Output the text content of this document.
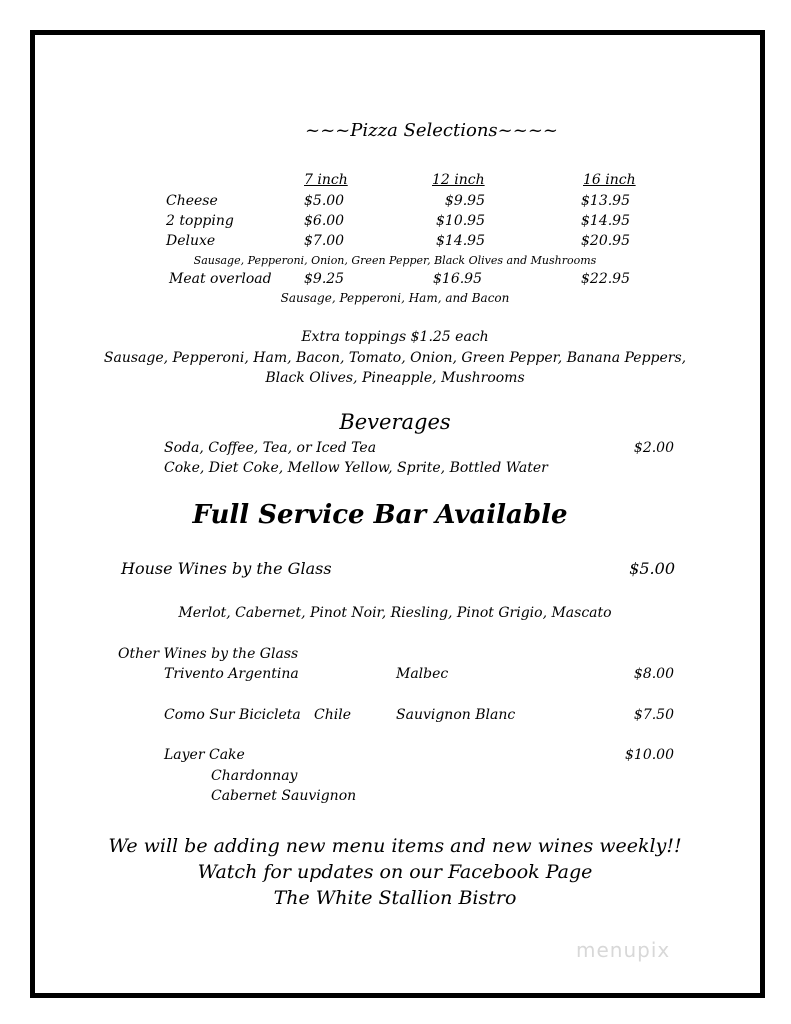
~~~Pizza Selections~~~~
7 inch	12 inch	16 inch
Cheese	$5.00	$9.95	$13.95
2 topping	$6.00	$10.95	$14.95
Deluxe	$7.00	$14.95	$20.95
Sausage, Pepperoni, Onion, Green Pepper, Black Olives and Mushrooms
Meat overload $9.25	$16.95	$22.95
Sausage, Pepperoni, Ham, and Bacon
Extra toppings $1.25 each
Sausage, Pepperoni, Ham, Bacon, Tomato, Onion, Green Pepper, Banana Peppers,
Black Olives, Pineapple, Mushrooms
Beverages
Soda, Coffee, Tea, or Iced Tea	$2.00
Coke, Diet Coke, Mellow Yellow, Sprite, Bottled Water
Full Service Bar Available
House Wines by the Glass	$5.00
Merlot, Cabernet, Pinot Noir, Riesling, Pinot Grigio, Mascato
Other Wines by the Glass
Trivento Argentina	Malbec	$8.00
Como Sur Bicicleta   Chile	Sauvignon Blanc	$7.50
Layer Cake	$10.00
Chardonnay
Cabernet Sauvignon
We will be adding new menu items and new wines weekly!!
Watch for updates on our Facebook Page
The White Stallion Bistro
menupix
